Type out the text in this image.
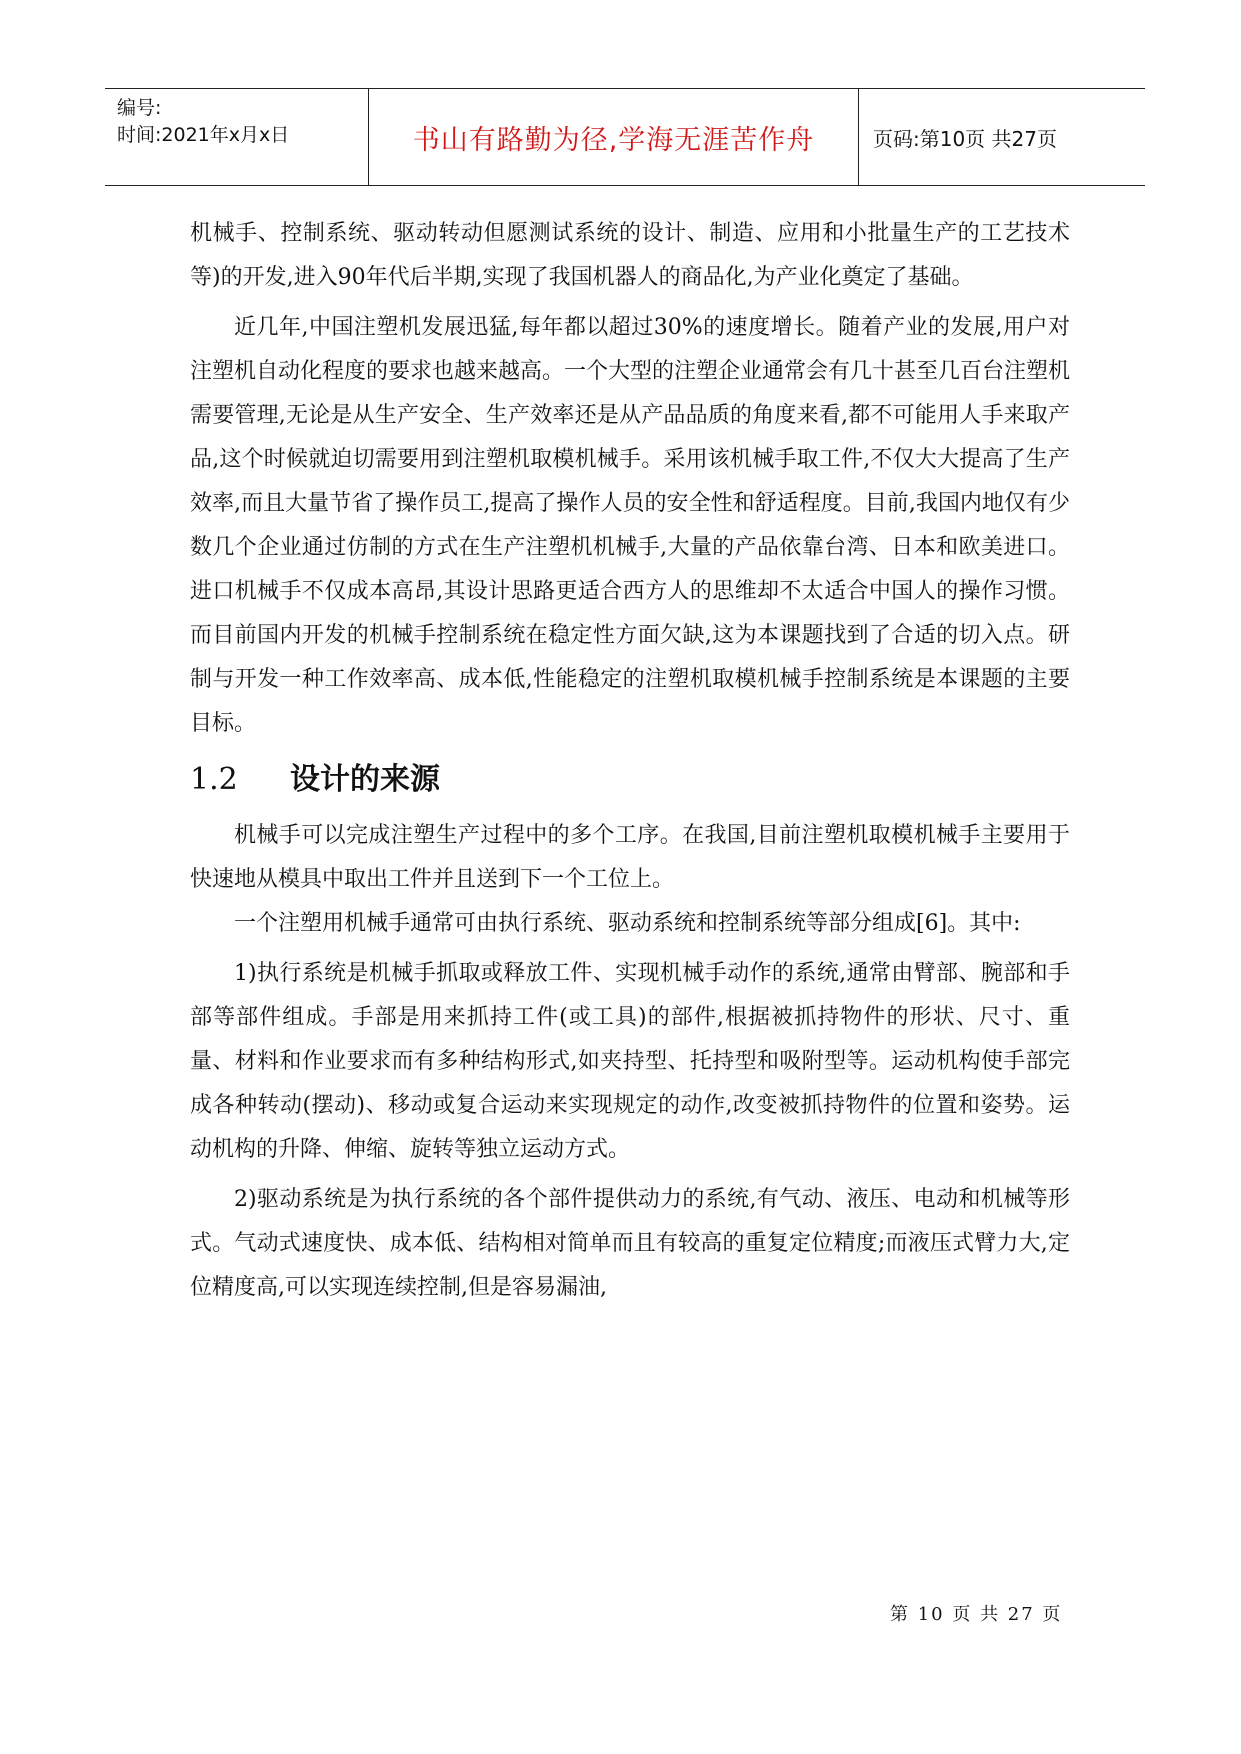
编号:
时间:2021年x月x日	书山有路勤为径,学海无涯苦作舟	页码:第10页 共27页

机械手、控制系统、驱动转动但愿测试系统的设计、制造、应用和小批量生产的工艺技术等)的开发,进入90年代后半期,实现了我国机器人的商品化,为产业化奠定了基础。

近几年,中国注塑机发展迅猛,每年都以超过30%的速度增长。随着产业的发展,用户对注塑机自动化程度的要求也越来越高。一个大型的注塑企业通常会有几十甚至几百台注塑机需要管理,无论是从生产安全、生产效率还是从产品品质的角度来看,都不可能用人手来取产品,这个时候就迫切需要用到注塑机取模机械手。采用该机械手取工件,不仅大大提高了生产效率,而且大量节省了操作员工,提高了操作人员的安全性和舒适程度。目前,我国内地仅有少数几个企业通过仿制的方式在生产注塑机机械手,大量的产品依靠台湾、日本和欧美进口。进口机械手不仅成本高昂,其设计思路更适合西方人的思维却不太适合中国人的操作习惯。而目前国内开发的机械手控制系统在稳定性方面欠缺,这为本课题找到了合适的切入点。研制与开发一种工作效率高、成本低,性能稳定的注塑机取模机械手控制系统是本课题的主要目标。

1.2	设计的来源

机械手可以完成注塑生产过程中的多个工序。在我国,目前注塑机取模机械手主要用于快速地从模具中取出工件并且送到下一个工位上。

一个注塑用机械手通常可由执行系统、驱动系统和控制系统等部分组成[6]。其中:

1)执行系统是机械手抓取或释放工件、实现机械手动作的系统,通常由臂部、腕部和手部等部件组成。手部是用来抓持工件(或工具)的部件,根据被抓持物件的形状、尺寸、重量、材料和作业要求而有多种结构形式,如夹持型、托持型和吸附型等。运动机构使手部完成各种转动(摆动)、移动或复合运动来实现规定的动作,改变被抓持物件的位置和姿势。运动机构的升降、伸缩、旋转等独立运动方式。

2)驱动系统是为执行系统的各个部件提供动力的系统,有气动、液压、电动和机械等形式。气动式速度快、成本低、结构相对简单而且有较高的重复定位精度;而液压式臂力大,定位精度高,可以实现连续控制,但是容易漏油,

第 10 页 共 27 页
